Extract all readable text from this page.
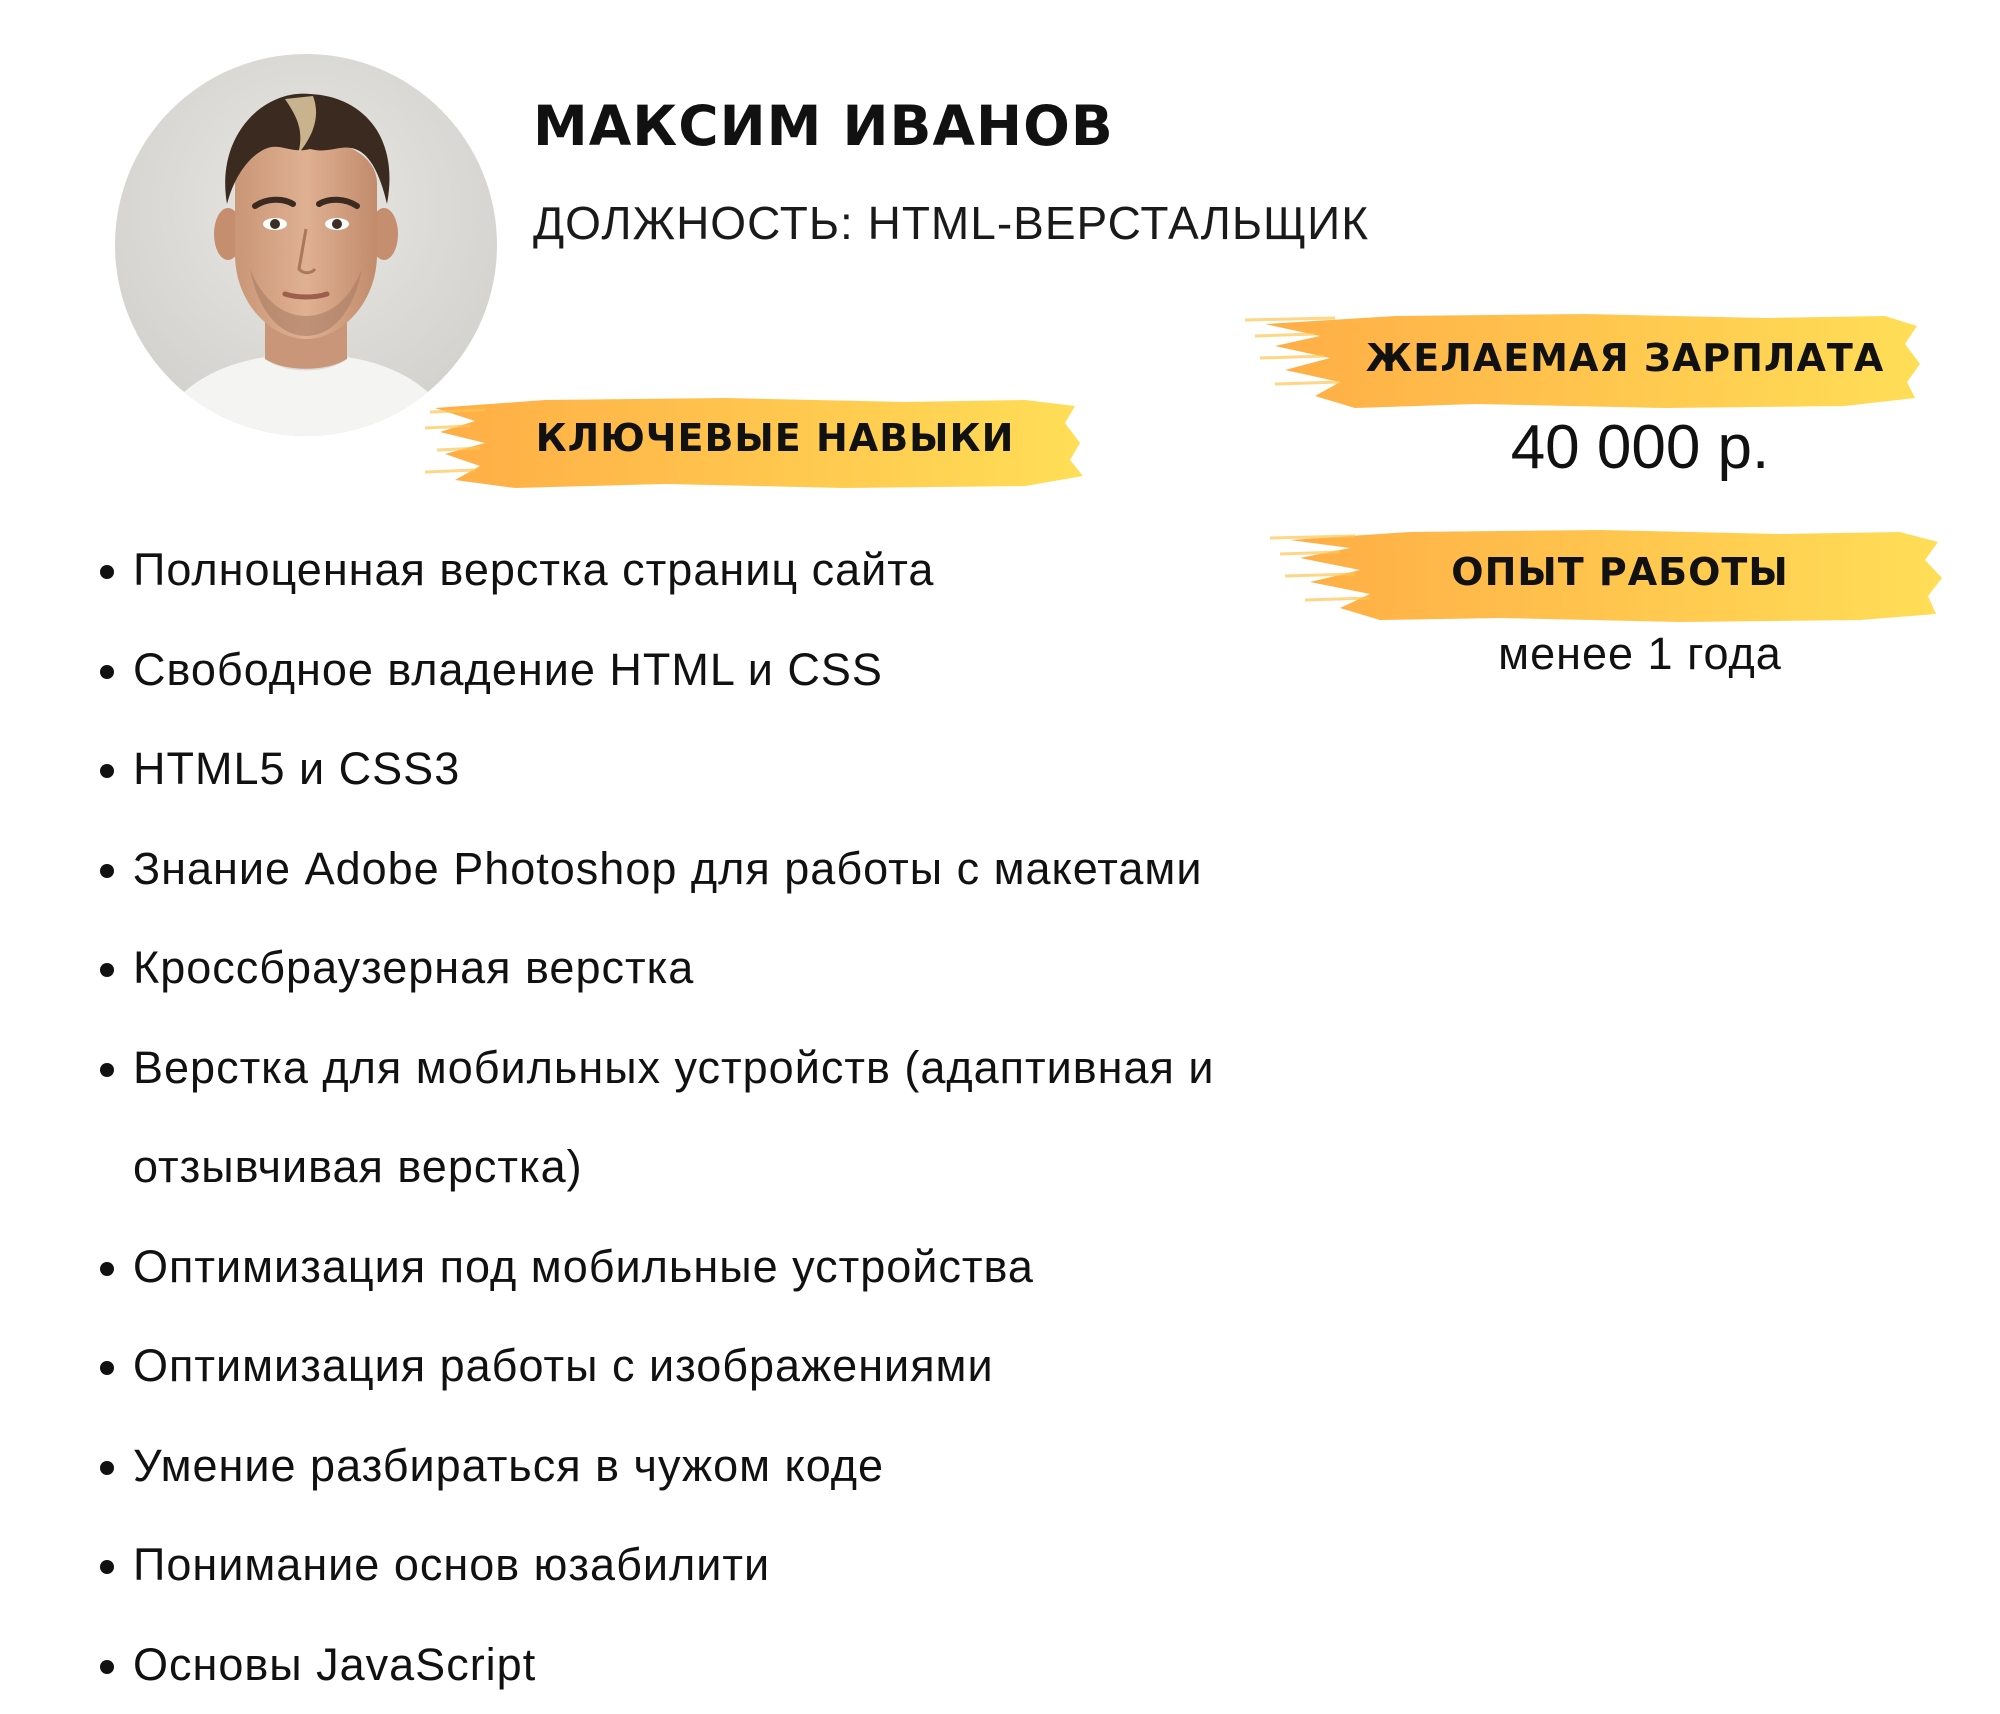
МАКСИМ ИВАНОВ
ДОЛЖНОСТЬ: HTML-ВЕРСТАЛЬЩИК
КЛЮЧЕВЫЕ НАВЫКИ
ЖЕЛАЕМАЯ ЗАРПЛАТА
40 000 р.
ОПЫТ РАБОТЫ
менее 1 года
Полноценная верстка страниц сайта
Свободное владение HTML и CSS
HTML5 и CSS3
Знание Adobe Photoshop для работы с макетами
Кроссбраузерная верстка
Верстка для мобильных устройств (адаптивная и отзывчивая верстка)
Оптимизация под мобильные устройства
Оптимизация работы с изображениями
Умение разбираться в чужом коде
Понимание основ юзабилити
Основы JavaScript
